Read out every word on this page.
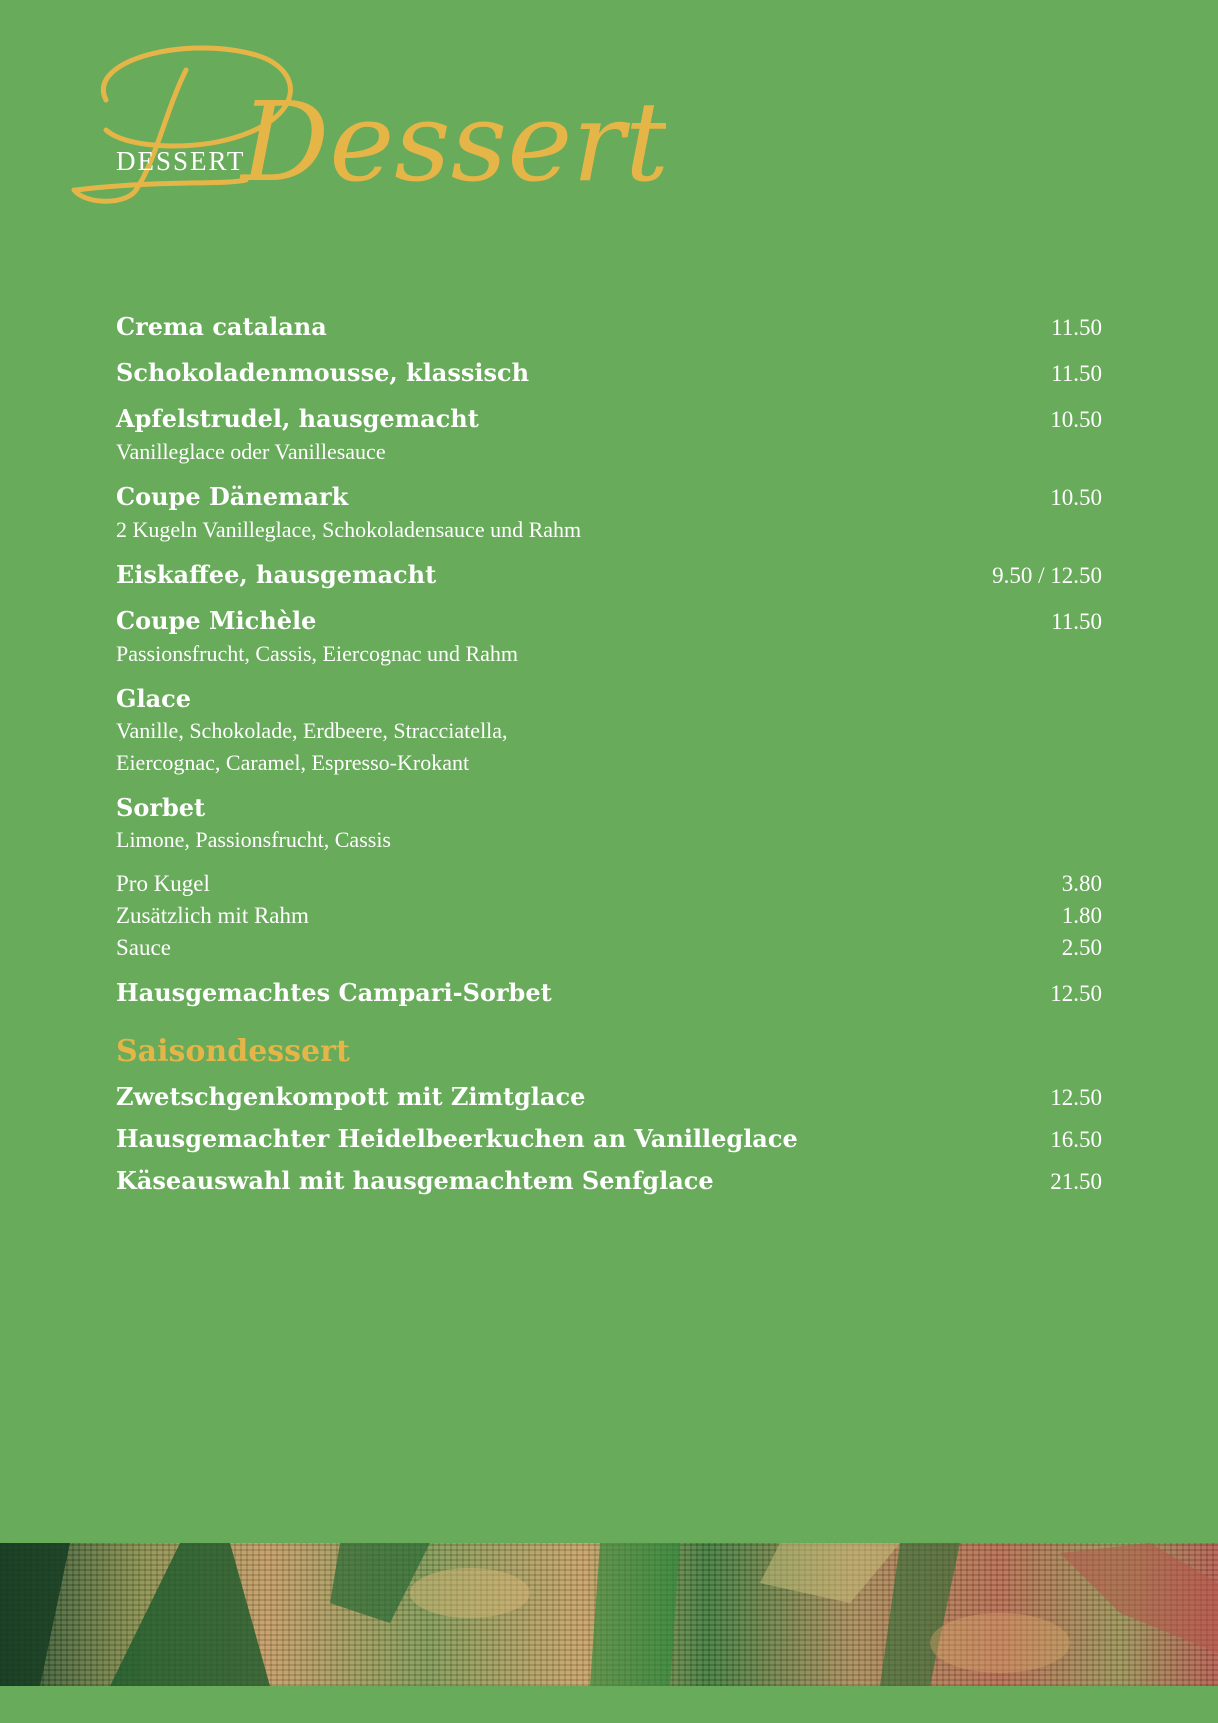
Dessert
DESSERT
Crema catalana	11.50
Schokoladenmousse, klassisch	11.50
Apfelstrudel, hausgemacht	10.50
Vanilleglace oder Vanillesauce
Coupe Dänemark	10.50
2 Kugeln Vanilleglace, Schokoladensauce und Rahm
Eiskaffee, hausgemacht	9.50 / 12.50
Coupe Michèle	11.50
Passionsfrucht, Cassis, Eiercognac und Rahm
Glace
Vanille, Schokolade, Erdbeere, Stracciatella,
Eiercognac, Caramel, Espresso-Krokant
Sorbet
Limone, Passionsfrucht, Cassis
Pro Kugel	3.80
Zusätzlich mit Rahm	1.80
Sauce	2.50
Hausgemachtes Campari-Sorbet	12.50
Saisondessert
Zwetschgenkompott mit Zimtglace	12.50
Hausgemachter Heidelbeerkuchen an Vanilleglace	16.50
Käseauswahl mit hausgemachtem Senfglace	21.50
